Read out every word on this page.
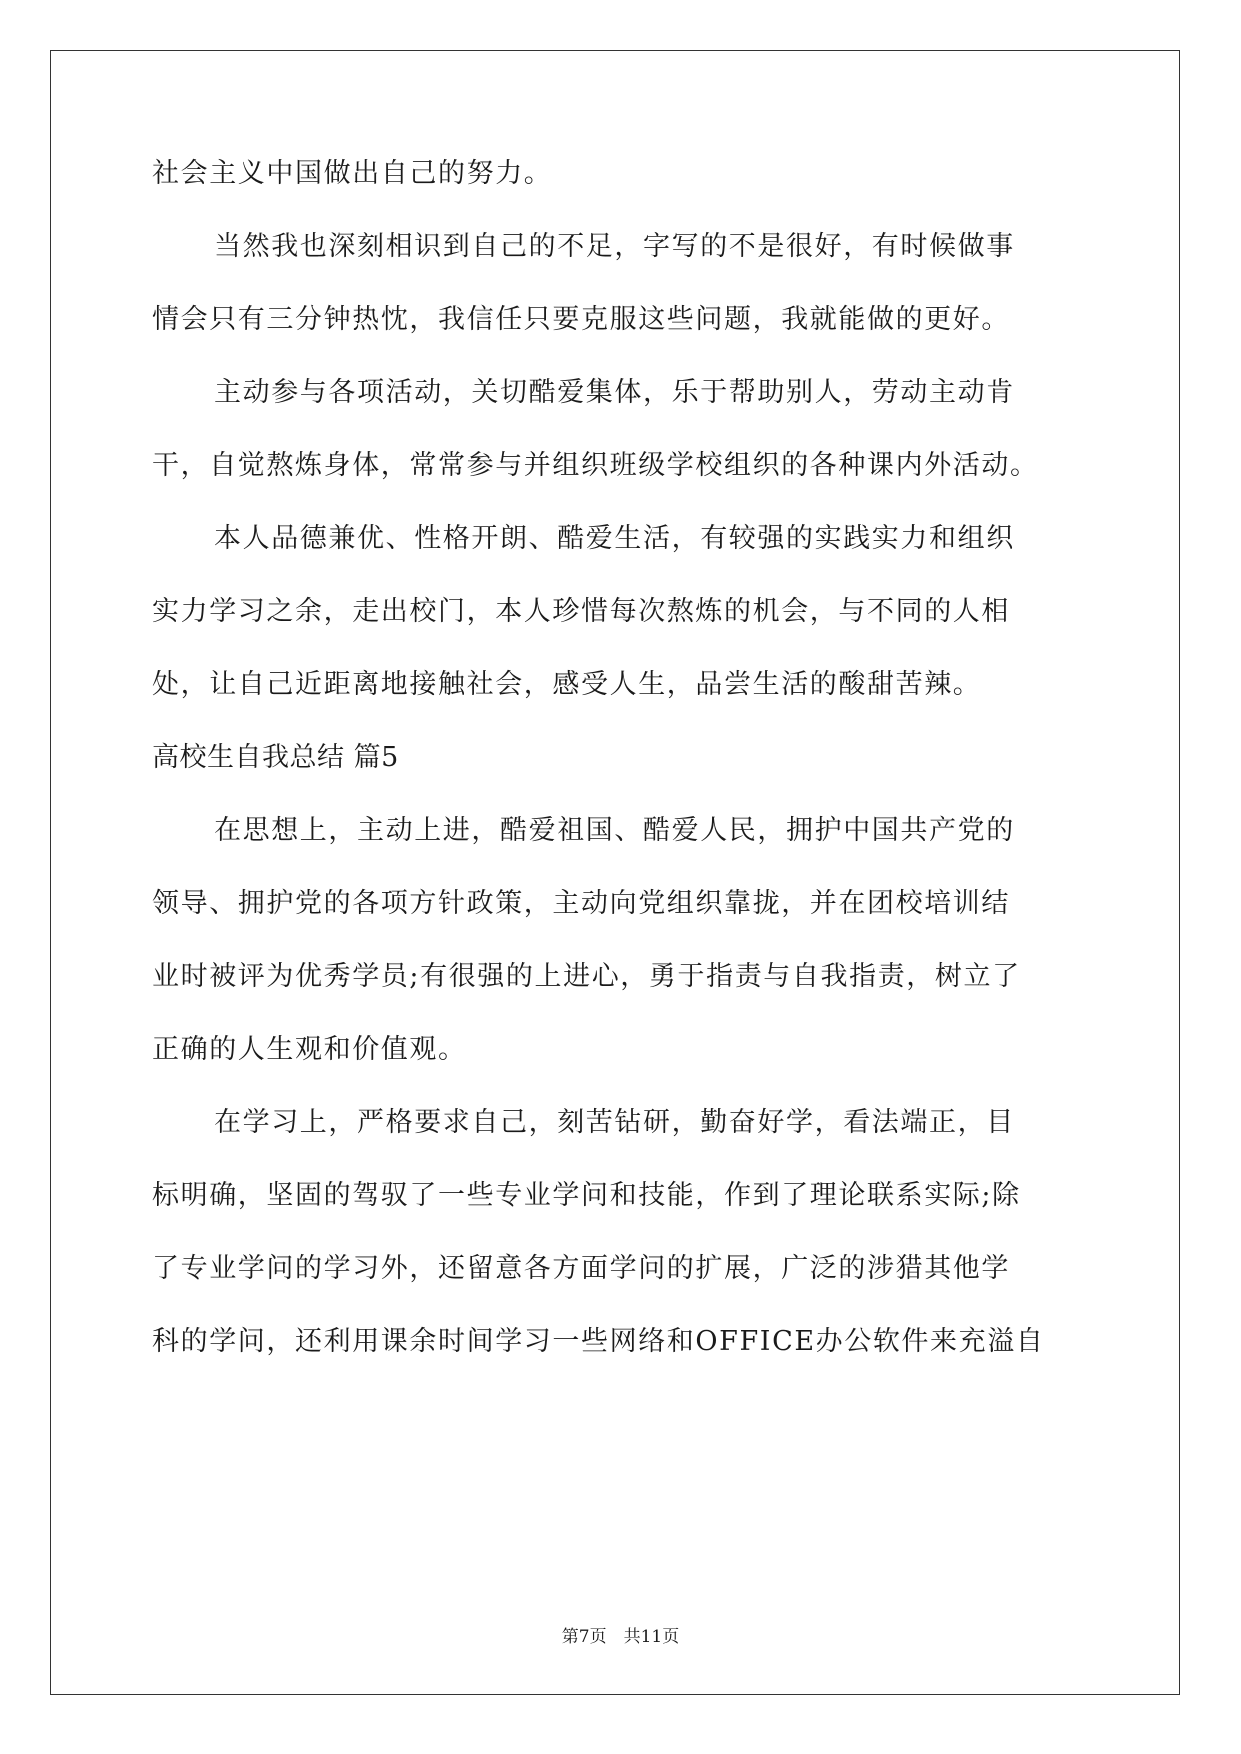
社会主义中国做出自己的努力。

当然我也深刻相识到自己的不足，字写的不是很好，有时候做事

情会只有三分钟热忱，我信任只要克服这些问题，我就能做的更好。

主动参与各项活动，关切酷爱集体，乐于帮助别人，劳动主动肯

干，自觉熬炼身体，常常参与并组织班级学校组织的各种课内外活动。

本人品德兼优、性格开朗、酷爱生活，有较强的实践实力和组织

实力学习之余，走出校门，本人珍惜每次熬炼的机会，与不同的人相

处，让自己近距离地接触社会，感受人生，品尝生活的酸甜苦辣。

高校生自我总结 篇5

在思想上，主动上进，酷爱祖国、酷爱人民，拥护中国共产党的

领导、拥护党的各项方针政策，主动向党组织靠拢，并在团校培训结

业时被评为优秀学员;有很强的上进心，勇于指责与自我指责，树立了

正确的人生观和价值观。

在学习上，严格要求自己，刻苦钻研，勤奋好学，看法端正，目

标明确，坚固的驾驭了一些专业学问和技能，作到了理论联系实际;除

了专业学问的学习外，还留意各方面学问的扩展，广泛的涉猎其他学

科的学问，还利用课余时间学习一些网络和OFFICE办公软件来充溢自

第7页　共11页
